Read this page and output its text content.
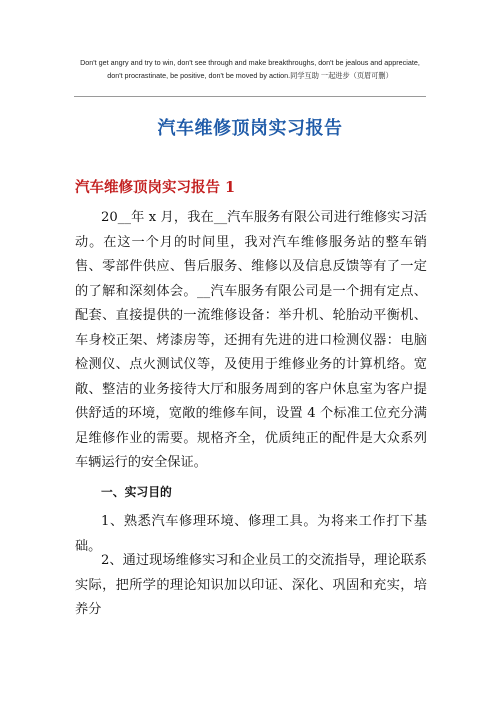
Don't get angry and try to win, don't see through and make breakthroughs, don't be jealous and appreciate,
don't procrastinate, be positive, don't be moved by action.同学互助 一起进步（页眉可删）
汽车维修顶岗实习报告
汽车维修顶岗实习报告 1

20__年 x 月，我在__汽车服务有限公司进行维修实习活动。在这一个月的时间里，我对汽车维修服务站的整车销售、零部件供应、售后服务、维修以及信息反馈等有了一定的了解和深刻体会。__汽车服务有限公司是一个拥有定点、配套、直接提供的一流维修设备：举升机、轮胎动平衡机、车身校正架、烤漆房等，还拥有先进的进口检测仪器：电脑检测仪、点火测试仪等，及使用于维修业务的计算机络。宽敞、整洁的业务接待大厅和服务周到的客户休息室为客户提供舒适的环境，宽敞的维修车间，设置 4 个标准工位充分满足维修作业的需要。规格齐全，优质纯正的配件是大众系列车辆运行的安全保证。

一、实习目的

1、熟悉汽车修理环境、修理工具。为将来工作打下基础。

2、通过现场维修实习和企业员工的交流指导，理论联系实际，把所学的理论知识加以印证、深化、巩固和充实，培养分
